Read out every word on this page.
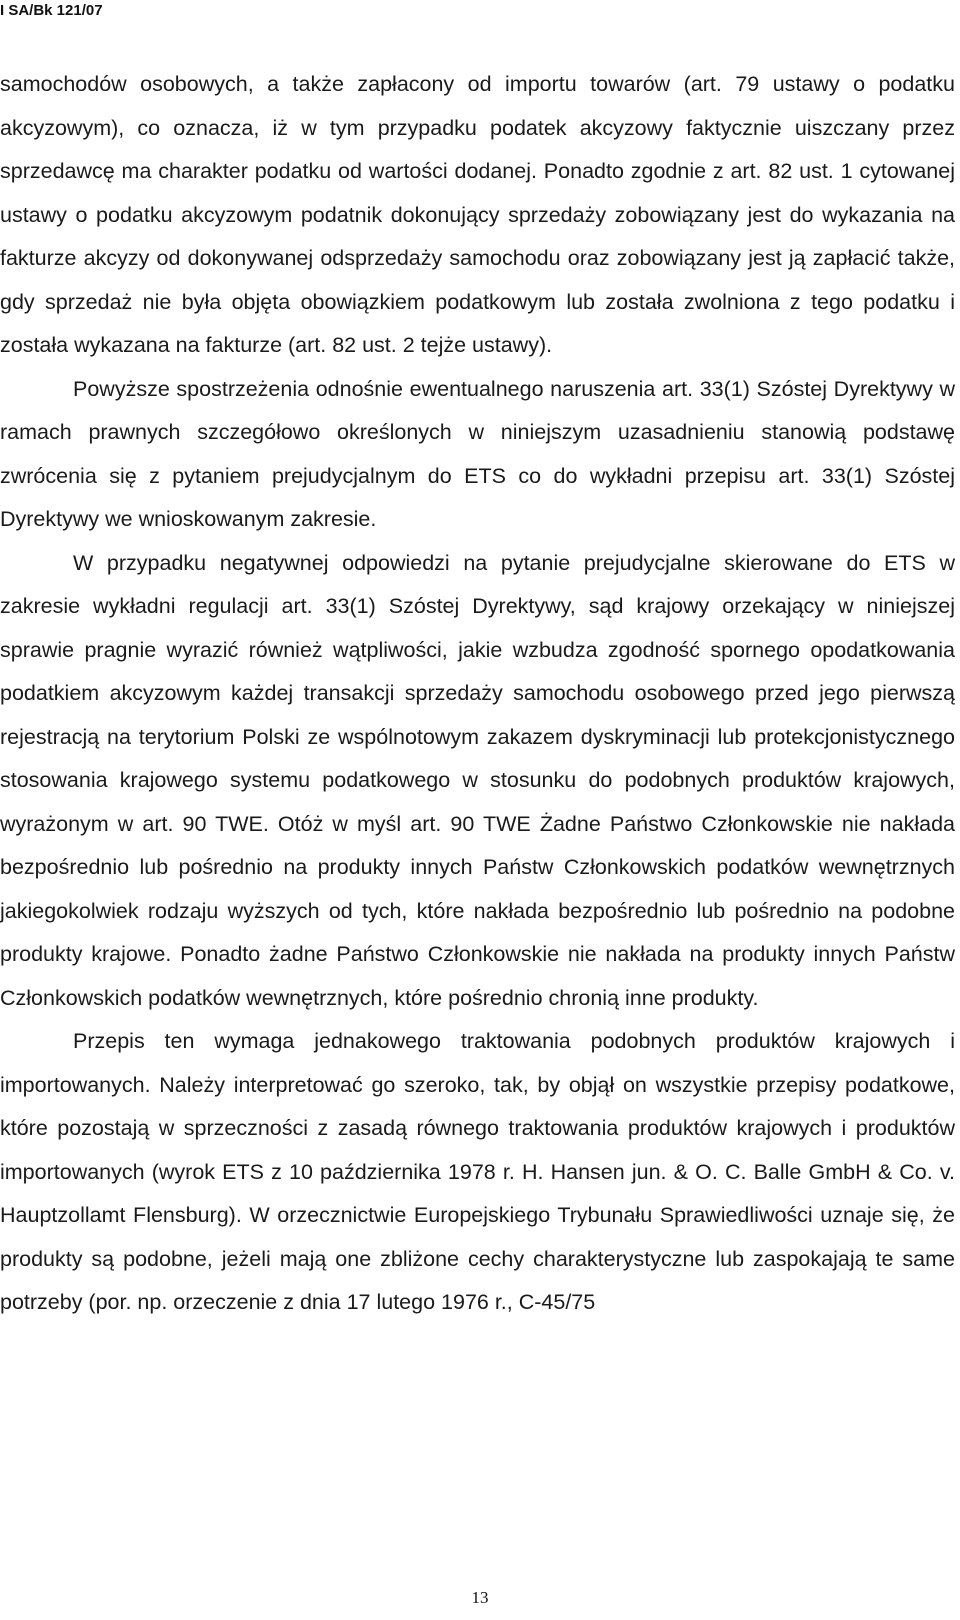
I SA/Bk 121/07

samochodów osobowych, a także zapłacony od importu towarów (art. 79 ustawy o podatku akcyzowym), co oznacza, iż w tym przypadku podatek akcyzowy faktycznie uiszczany przez sprzedawcę ma charakter podatku od wartości dodanej. Ponadto zgodnie z art. 82 ust. 1 cytowanej ustawy o podatku akcyzowym podatnik dokonujący sprzedaży zobowiązany jest do wykazania na fakturze akcyzy od dokonywanej odsprzedaży samochodu oraz zobowiązany jest ją zapłacić także, gdy sprzedaż nie była objęta obowiązkiem podatkowym lub została zwolniona z tego podatku i została wykazana na fakturze (art. 82 ust. 2 tejże ustawy).

Powyższe spostrzeżenia odnośnie ewentualnego naruszenia art. 33(1) Szóstej Dyrektywy w ramach prawnych szczegółowo określonych w niniejszym uzasadnieniu stanowią podstawę zwrócenia się z pytaniem prejudycjalnym do ETS co do wykładni przepisu art. 33(1) Szóstej Dyrektywy we wnioskowanym zakresie.

W przypadku negatywnej odpowiedzi na pytanie prejudycjalne skierowane do ETS w zakresie wykładni regulacji art. 33(1) Szóstej Dyrektywy, sąd krajowy orzekający w niniejszej sprawie pragnie wyrazić również wątpliwości, jakie wzbudza zgodność spornego opodatkowania podatkiem akcyzowym każdej transakcji sprzedaży samochodu osobowego przed jego pierwszą rejestracją na terytorium Polski ze wspólnotowym zakazem dyskryminacji lub protekcjonistycznego stosowania krajowego systemu podatkowego w stosunku do podobnych produktów krajowych, wyrażonym w art. 90 TWE. Otóż w myśl art. 90 TWE Żadne Państwo Członkowskie nie nakłada bezpośrednio lub pośrednio na produkty innych Państw Członkowskich podatków wewnętrznych jakiegokolwiek rodzaju wyższych od tych, które nakłada bezpośrednio lub pośrednio na podobne produkty krajowe. Ponadto żadne Państwo Członkowskie nie nakłada na produkty innych Państw Członkowskich podatków wewnętrznych, które pośrednio chronią inne produkty.

Przepis ten wymaga jednakowego traktowania podobnych produktów krajowych i importowanych. Należy interpretować go szeroko, tak, by objął on wszystkie przepisy podatkowe, które pozostają w sprzeczności z zasadą równego traktowania produktów krajowych i produktów importowanych (wyrok ETS z 10 października 1978 r. H. Hansen jun. & O. C. Balle GmbH & Co. v. Hauptzollamt Flensburg). W orzecznictwie Europejskiego Trybunału Sprawiedliwości uznaje się, że produkty są podobne, jeżeli mają one zbliżone cechy charakterystyczne lub zaspokajają te same potrzeby (por. np. orzeczenie z dnia 17 lutego 1976 r., C-45/75

13
